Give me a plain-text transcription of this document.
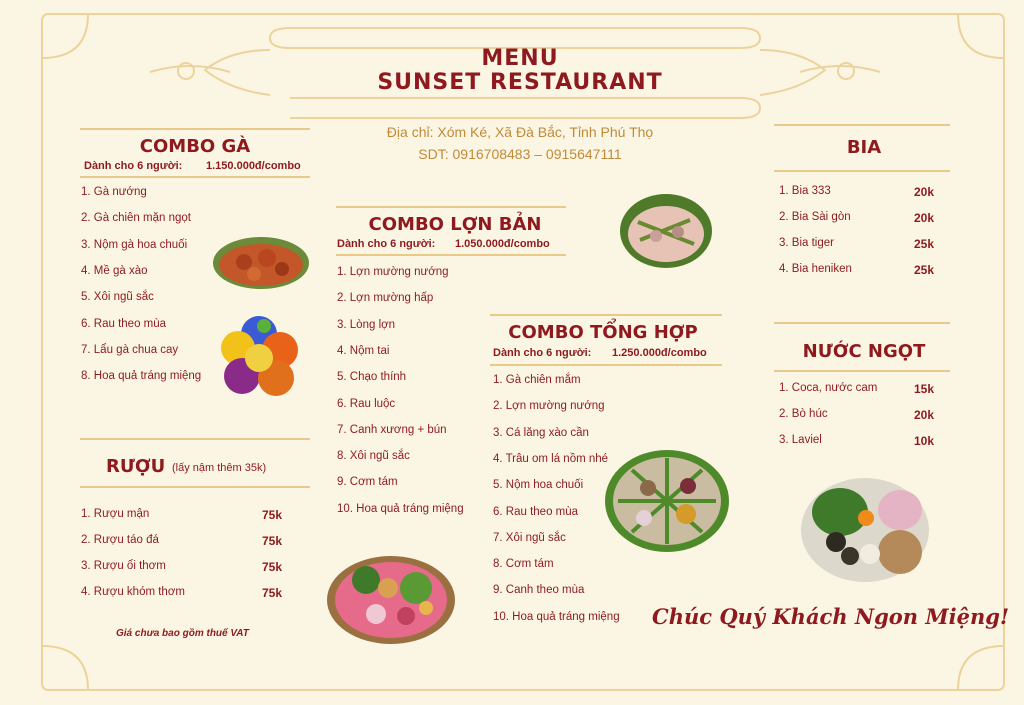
MENU
SUNSET RESTAURANT
Địa chỉ: Xóm Ké, Xã Đà Bắc, Tỉnh Phú Thọ
SDT: 0916708483 – 0915647111
COMBO GÀ
Dành cho 6 người: 1.150.000đ/combo
RƯỢU (lấy nậm thêm 35k)
Giá chưa bao gồm thuế VAT
COMBO LỢN BẢN
Dành cho 6 người: 1.050.000đ/combo
COMBO TỔNG HỢP
Dành cho 6 người: 1.250.000đ/combo
BIA
NƯỚC NGỌT
Chúc Quý Khách Ngon Miệng!
1. Gà nướng
2. Gà chiên mặn ngọt
3. Nộm gà hoa chuối
4. Mề gà xào
5. Xôi ngũ sắc
6. Rau theo mùa
7. Lẩu gà chua cay
8. Hoa quả tráng miệng
1. Lợn mường nướng
2. Lợn mường hấp
3. Lòng lợn
4. Nộm tai
5. Chạo thính
6. Rau luộc
7. Canh xương + bún
8. Xôi ngũ sắc
9. Cơm tám
10. Hoa quả tráng miệng
1. Gà chiên mắm
2. Lợn mường nướng
3. Cá lăng xào cần
4. Trâu om lá nồm nhé
5. Nộm hoa chuối
6. Rau theo mùa
7. Xôi ngũ sắc
8. Cơm tám
9. Canh theo mùa
10. Hoa quả tráng miệng
1. Rượu mận	75k
2. Rượu táo đá	75k
3. Rượu ổi thơm	75k
4. Rượu khóm thơm	75k
1. Bia 333	20k
2. Bia Sài gòn	20k
3. Bia tiger	25k
4. Bia heniken	25k
1. Coca, nước cam	15k
2. Bò húc	20k
3. Laviel	10k
